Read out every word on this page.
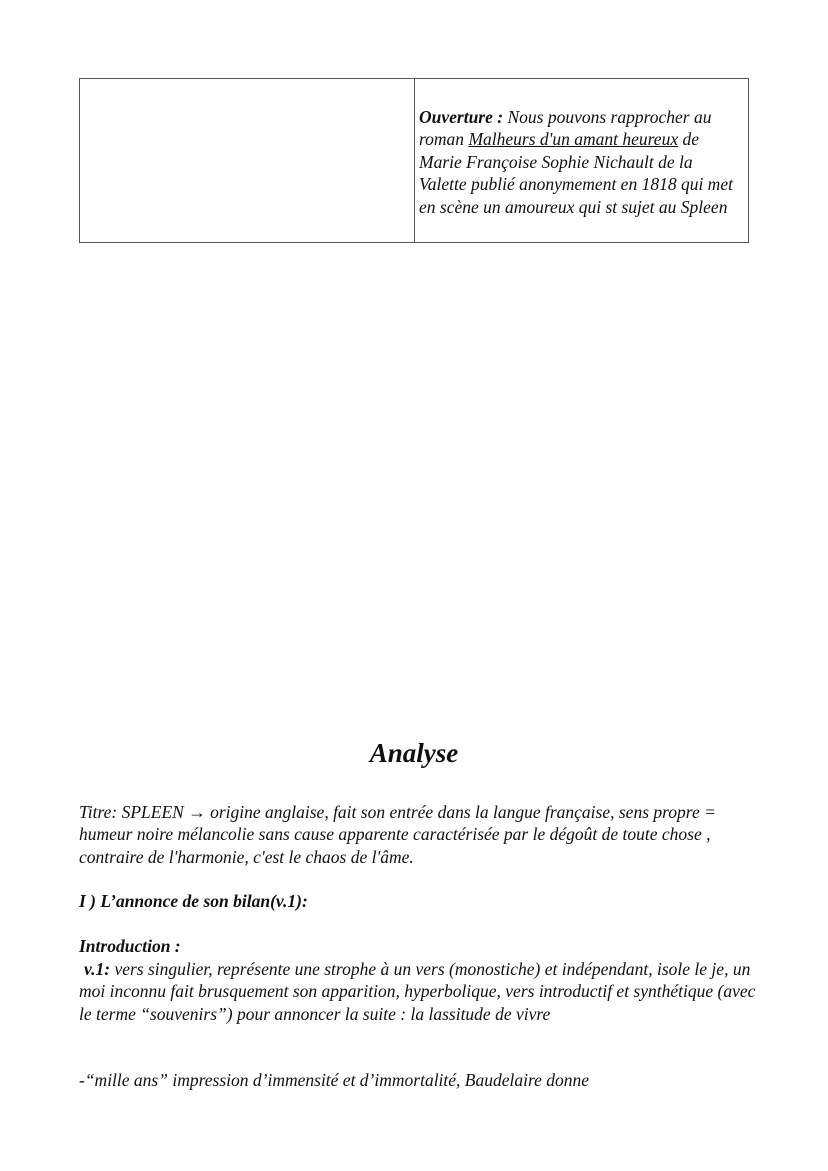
Ouverture : Nous pouvons rapprocher au roman Malheurs d'un amant heureux de Marie Françoise Sophie Nichault de la Valette publié anonymement en 1818 qui met en scène un amoureux qui st sujet au Spleen
Analyse
Titre: SPLEEN → origine anglaise, fait son entrée dans la langue française, sens propre = humeur noire mélancolie sans cause apparente caractérisée par le dégoût de toute chose , contraire de l'harmonie, c'est le chaos de l'âme.
I ) L’annonce de son bilan(v.1):
Introduction :
v.1: vers singulier, représente une strophe à un vers (monostiche) et indépendant, isole le je, un moi inconnu fait brusquement son apparition, hyperbolique, vers introductif et synthétique (avec le terme “souvenirs”) pour annoncer la suite : la lassitude de vivre
-“mille ans” impression d’immensité et d’immortalité, Baudelaire donne
